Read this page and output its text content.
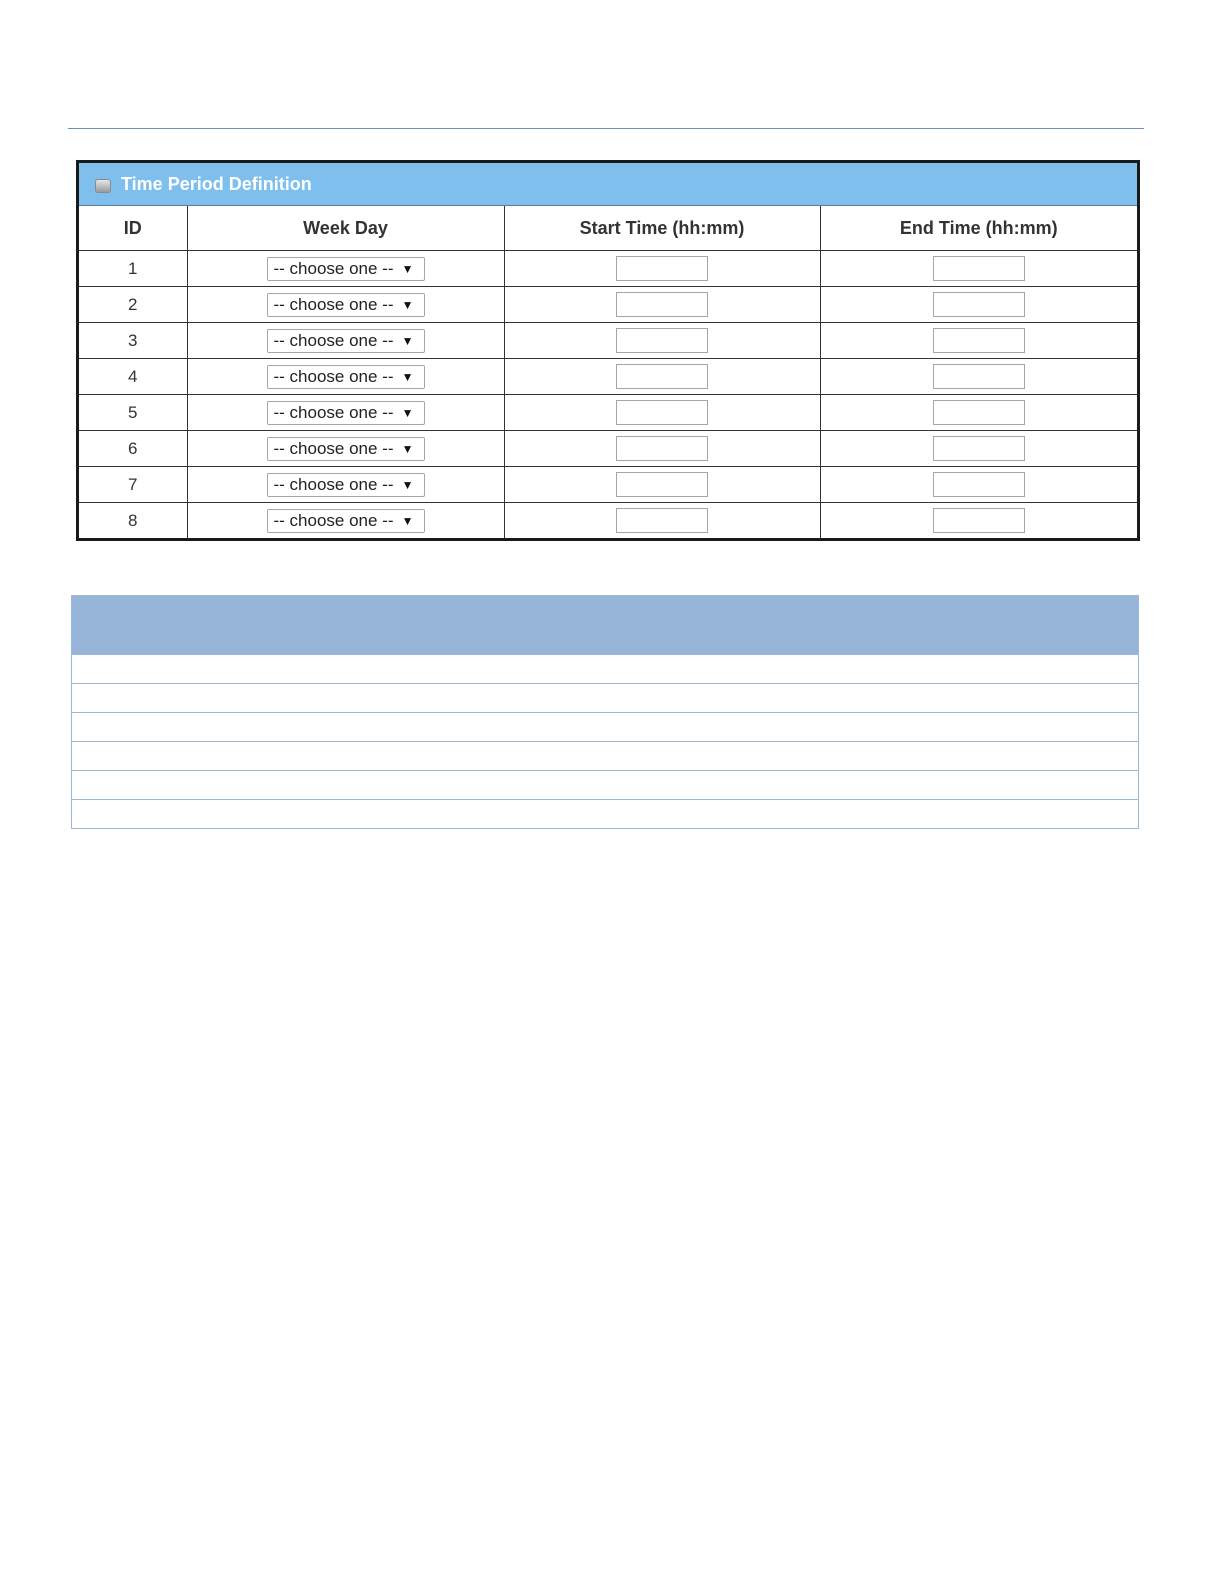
Time Period Definition
ID	Week Day	Start Time (hh:mm)	End Time (hh:mm)
1	-- choose one -- ▼

2	-- choose one -- ▼

3	-- choose one -- ▼

4	-- choose one -- ▼

5	-- choose one -- ▼

6	-- choose one -- ▼

7	-- choose one -- ▼

8	-- choose one -- ▼
